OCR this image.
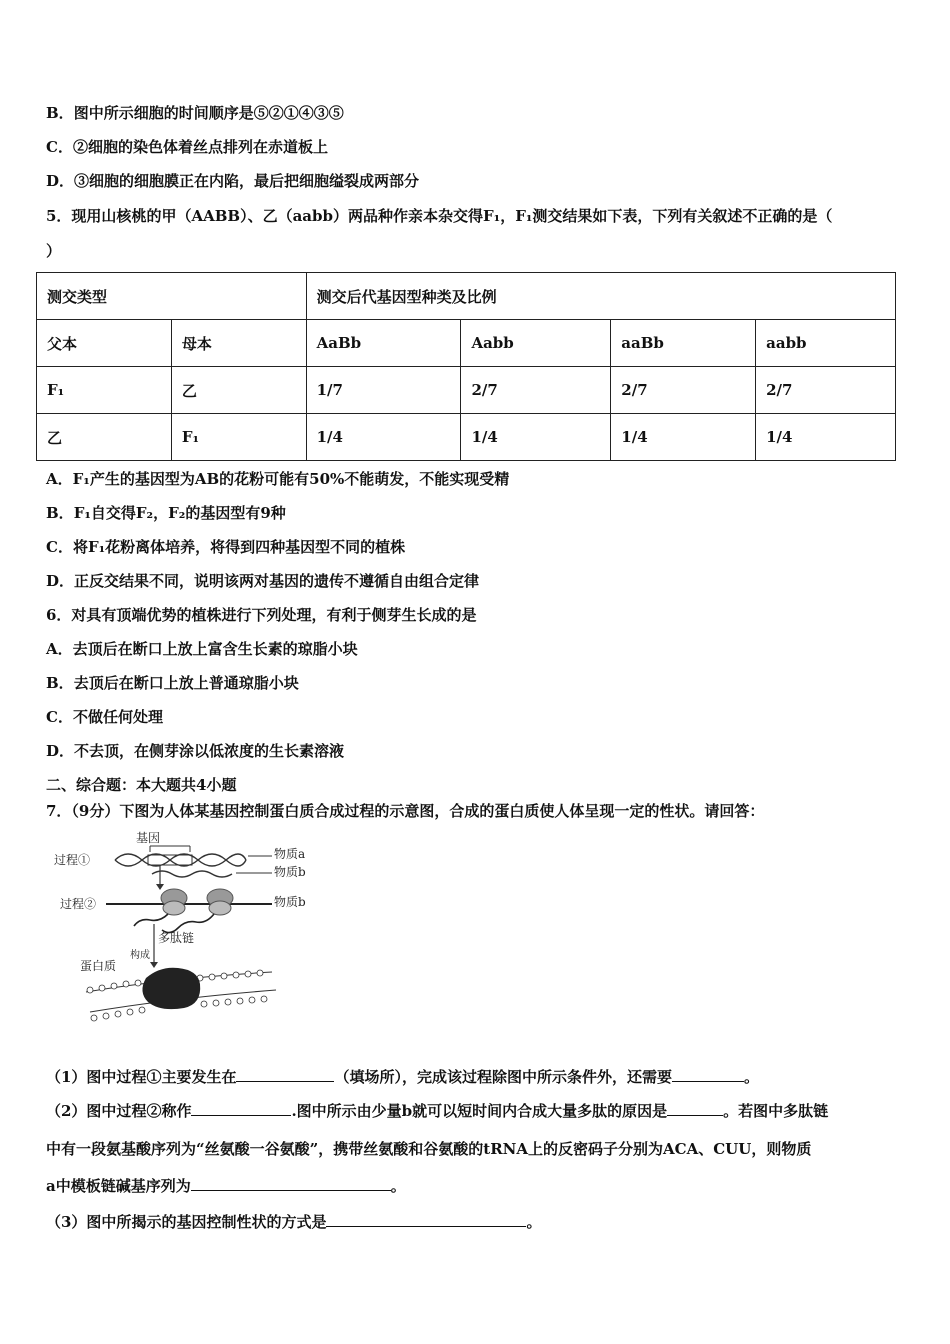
B．图中所示细胞的时间顺序是⑤②①④③⑤
C．②细胞的染色体着丝点排列在赤道板上
D．③细胞的细胞膜正在内陷，最后把细胞缢裂成两部分
5．现用山核桃的甲（AABB）、乙（aabb）两品种作亲本杂交得F₁，F₁测交结果如下表，下列有关叙述不正确的是（
）
测交类型		测交后代基因型种类及比例			
父本	母本	AaBb	Aabb	aaBb	aabb
F₁	乙	1/7	2/7	2/7	2/7
乙	F₁	1/4	1/4	1/4	1/4
A．F₁产生的基因型为AB的花粉可能有50%不能萌发，不能实现受精
B．F₁自交得F₂，F₂的基因型有9种
C．将F₁花粉离体培养，将得到四种基因型不同的植株
D．正反交结果不同，说明该两对基因的遗传不遵循自由组合定律
6．对具有顶端优势的植株进行下列处理，有利于侧芽生长成的是
A．去顶后在断口上放上富含生长素的琼脂小块
B．去顶后在断口上放上普通琼脂小块
C．不做任何处理
D．不去顶，在侧芽涂以低浓度的生长素溶液
二、综合题：本大题共4小题
7．（9分）下图为人体某基因控制蛋白质合成过程的示意图，合成的蛋白质使人体呈现一定的性状。请回答：
基因
过程①
过程②
物质a
物质b
物质b
多肽链
构成
蛋白质
（1）图中过程①主要发生在	（填场所），完成该过程除图中所示条件外，还需要	。
（2）图中过程②称作	.图中所示由少量b就可以短时间内合成大量多肽的原因是	。若图中多肽链
中有一段氨基酸序列为“丝氨酸一谷氨酸”，携带丝氨酸和谷氨酸的tRNA上的反密码子分别为ACA、CUU，则物质
a中模板链碱基序列为	。
（3）图中所揭示的基因控制性状的方式是	。
